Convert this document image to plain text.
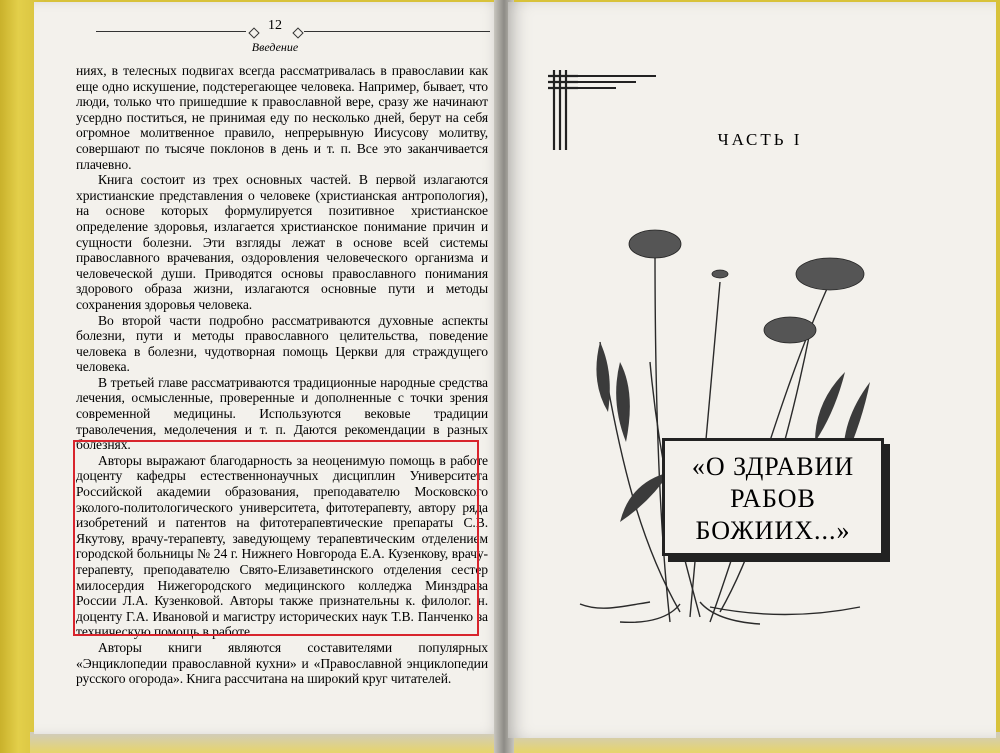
12
Введение

ниях, в телесных подвигах всегда рассматривалась в православии как еще одно искушение, подстерегающее человека. Например, бывает, что люди, только что пришедшие к православной вере, сразу же начинают усердно поститься, не принимая еду по несколько дней, берут на себя огромное молитвенное правило, непрерывную Иисусову молитву, совершают по тысяче поклонов в день и т. п. Все это заканчивается плачевно.

Книга состоит из трех основных частей. В первой излагаются христианские представления о человеке (христианская антропология), на основе которых формулируется позитивное христианское определение здоровья, излагается христианское понимание причин и сущности болезни. Эти взгляды лежат в основе всей системы православного врачевания, оздоровления человеческого организма и человеческой души. Приводятся основы православного понимания здорового образа жизни, излагаются основные пути и методы сохранения здоровья человека.

Во второй части подробно рассматриваются духовные аспекты болезни, пути и методы православного целительства, поведение человека в болезни, чудотворная помощь Церкви для страждущего человека.

В третьей главе рассматриваются традиционные народные средства лечения, осмысленные, проверенные и дополненные с точки зрения современной медицины. Используются вековые традиции траволечения, медолечения и т. п. Даются рекомендации в разных болезнях.

Авторы выражают благодарность за неоценимую помощь в работе доценту кафедры естественнонаучных дисциплин Университета Российской академии образования, преподавателю Московского эколого-политологического университета, фитотерапевту, автору ряда изобретений и патентов на фитотерапевтические препараты С.В. Якутову, врачу-терапевту, заведующему терапевтическим отделением городской больницы № 24 г. Нижнего Новгорода Е.А. Кузенкову, врачу-терапевту, преподавателю Свято-Елизаветинского отделения сестер милосердия Нижегородского медицинского колледжа Минздрава России Л.А. Кузенковой. Авторы также признательны к. филолог. н. доценту Г.А. Ивановой и магистру исторических наук Т.В. Панченко за техническую помощь в работе.

Авторы книги являются составителями популярных «Энциклопедии православной кухни» и «Православной энциклопедии русского огорода». Книга рассчитана на широкий круг читателей.

ЧАСТЬ I
«О ЗДРАВИИ
РАБОВ
БОЖИИХ...»
